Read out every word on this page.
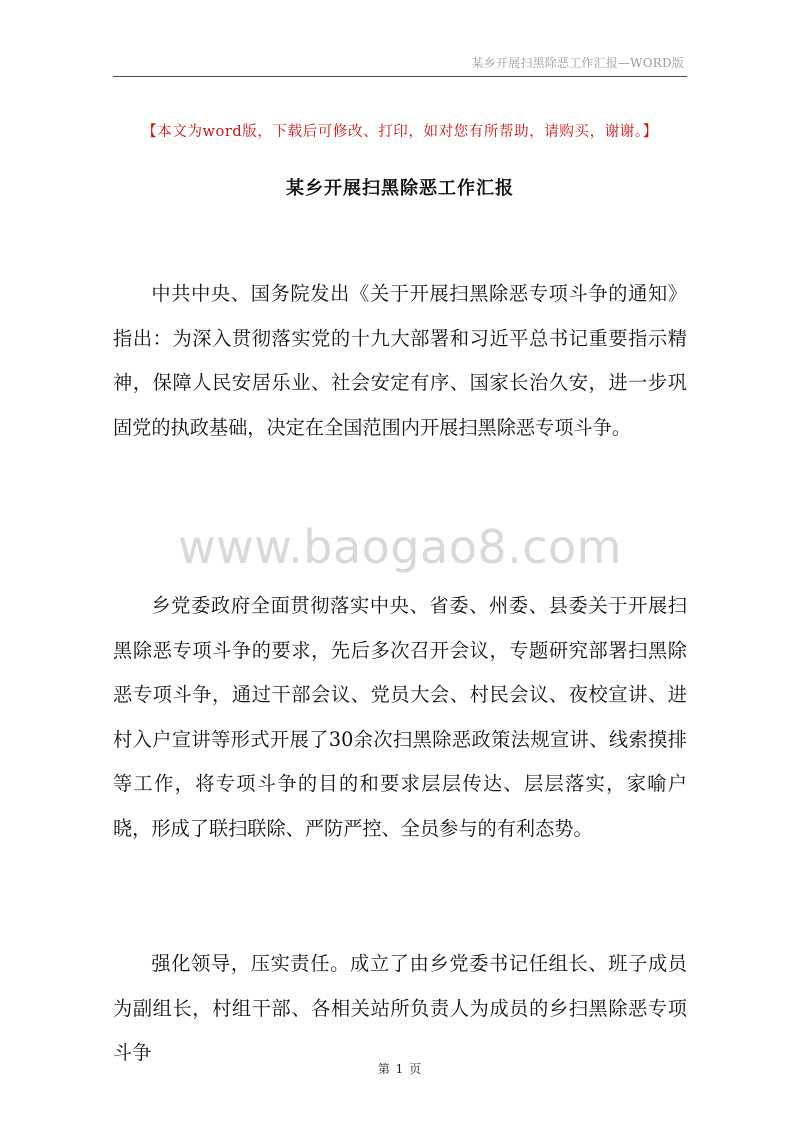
某乡开展扫黑除恶工作汇报—WORD版
【本文为word版，下载后可修改、打印，如对您有所帮助，请购买，谢谢。】
某乡开展扫黑除恶工作汇报

中共中央、国务院发出《关于开展扫黑除恶专项斗争的通知》指出：为深入贯彻落实党的十九大部署和习近平总书记重要指示精神，保障人民安居乐业、社会安定有序、国家长治久安，进一步巩固党的执政基础，决定在全国范围内开展扫黑除恶专项斗争。

www.baogao8.com

乡党委政府全面贯彻落实中央、省委、州委、县委关于开展扫黑除恶专项斗争的要求，先后多次召开会议，专题研究部署扫黑除恶专项斗争，通过干部会议、党员大会、村民会议、夜校宣讲、进村入户宣讲等形式开展了30余次扫黑除恶政策法规宣讲、线索摸排等工作，将专项斗争的目的和要求层层传达、层层落实，家喻户晓，形成了联扫联除、严防严控、全员参与的有利态势。

强化领导，压实责任。成立了由乡党委书记任组长、班子成员为副组长，村组干部、各相关站所负责人为成员的乡扫黑除恶专项斗争

第 1 页
